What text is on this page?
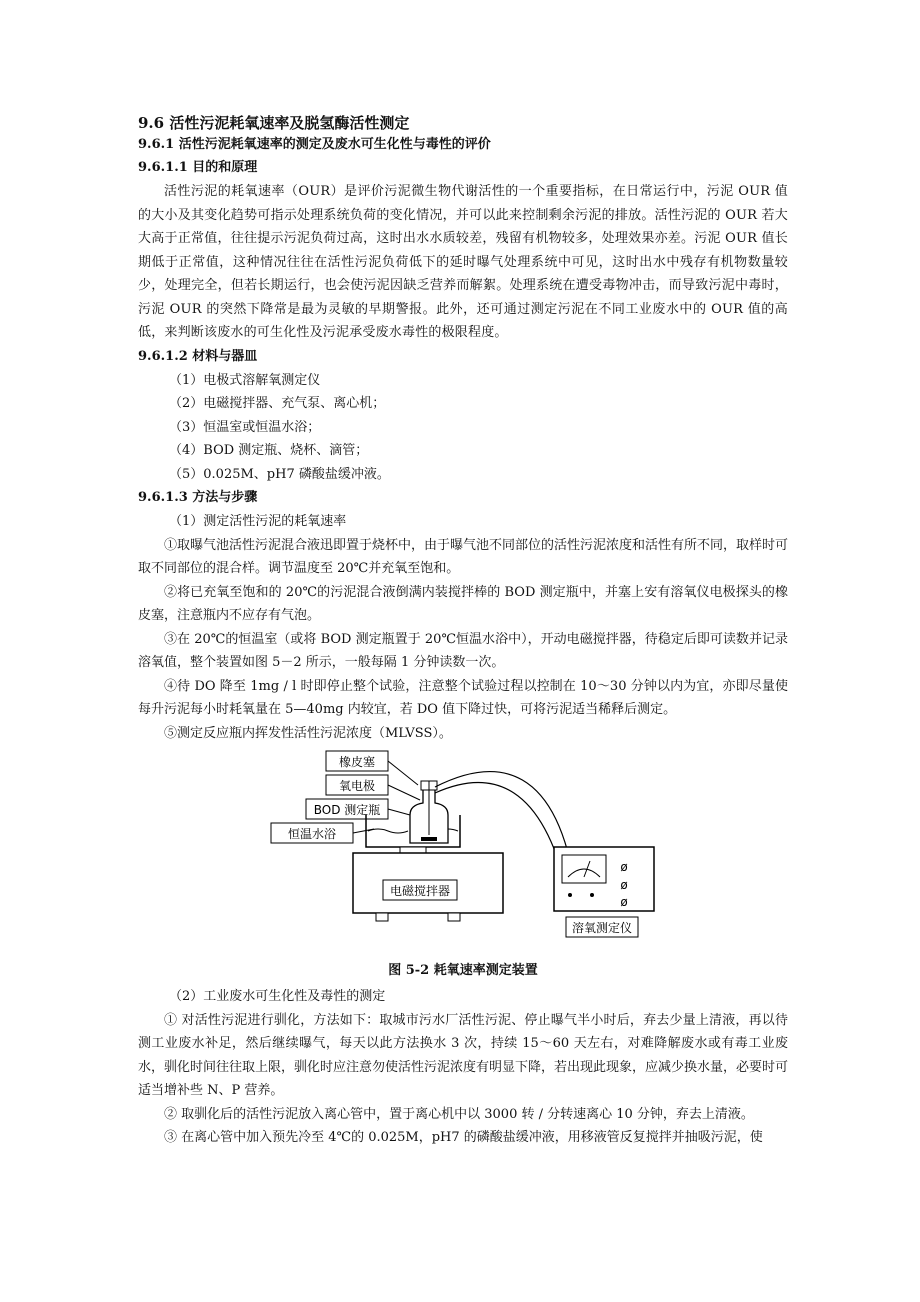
9.6 活性污泥耗氧速率及脱氢酶活性测定

9.6.1 活性污泥耗氧速率的测定及废水可生化性与毒性的评价

9.6.1.1 目的和原理

活性污泥的耗氧速率（OUR）是评价污泥微生物代谢活性的一个重要指标，在日常运行中，污泥 OUR 值的大小及其变化趋势可指示处理系统负荷的变化情况，并可以此来控制剩余污泥的排放。活性污泥的 OUR 若大大高于正常值，往往提示污泥负荷过高，这时出水水质较差，残留有机物较多，处理效果亦差。污泥 OUR 值长期低于正常值，这种情况往往在活性污泥负荷低下的延时曝气处理系统中可见，这时出水中残存有机物数量较少，处理完全，但若长期运行，也会使污泥因缺乏营养而解絮。处理系统在遭受毒物冲击，而导致污泥中毒时，污泥 OUR 的突然下降常是最为灵敏的早期警报。此外，还可通过测定污泥在不同工业废水中的 OUR 值的高低，来判断该废水的可生化性及污泥承受废水毒性的极限程度。

9.6.1.2 材料与器皿

（1）电极式溶解氧测定仪

（2）电磁搅拌器、充气泵、离心机；

（3）恒温室或恒温水浴；

（4）BOD 测定瓶、烧杯、滴管；

（5）0.025M、pH7 磷酸盐缓冲液。

9.6.1.3 方法与步骤

（1）测定活性污泥的耗氧速率

①取曝气池活性污泥混合液迅即置于烧杯中，由于曝气池不同部位的活性污泥浓度和活性有所不同，取样时可取不同部位的混合样。调节温度至 20℃并充氧至饱和。

②将已充氧至饱和的 20℃的污泥混合液倒满内装搅拌棒的 BOD 测定瓶中，并塞上安有溶氧仪电极探头的橡皮塞，注意瓶内不应存有气泡。

③在 20℃的恒温室（或将 BOD 测定瓶置于 20℃恒温水浴中），开动电磁搅拌器，待稳定后即可读数并记录溶氧值，整个装置如图 5－2 所示，一般每隔 1 分钟读数一次。

④待 DO 降至 1mg / l 时即停止整个试验，注意整个试验过程以控制在 10～30 分钟以内为宜，亦即尽量使每升污泥每小时耗氧量在 5—40mg 内较宜，若 DO 值下降过快，可将污泥适当稀释后测定。

⑤测定反应瓶内挥发性活性污泥浓度（MLVSS）。

橡皮塞
氧电极
BOD 测定瓶
恒温水浴
电磁搅拌器
ø
ø
ø
溶氧测定仪

图 5-2 耗氧速率测定装置

（2）工业废水可生化性及毒性的测定

① 对活性污泥进行驯化，方法如下：取城市污水厂活性污泥、停止曝气半小时后，弃去少量上清液，再以待测工业废水补足，然后继续曝气，每天以此方法换水 3 次，持续 15～60 天左右，对难降解废水或有毒工业废水，驯化时间往往取上限，驯化时应注意勿使活性污泥浓度有明显下降，若出现此现象，应减少换水量，必要时可适当增补些 N、P 营养。

② 取驯化后的活性污泥放入离心管中，置于离心机中以 3000 转 / 分转速离心 10 分钟，弃去上清液。

③ 在离心管中加入预先冷至 4℃的 0.025M，pH7 的磷酸盐缓冲液，用移液管反复搅拌并抽吸污泥，使
